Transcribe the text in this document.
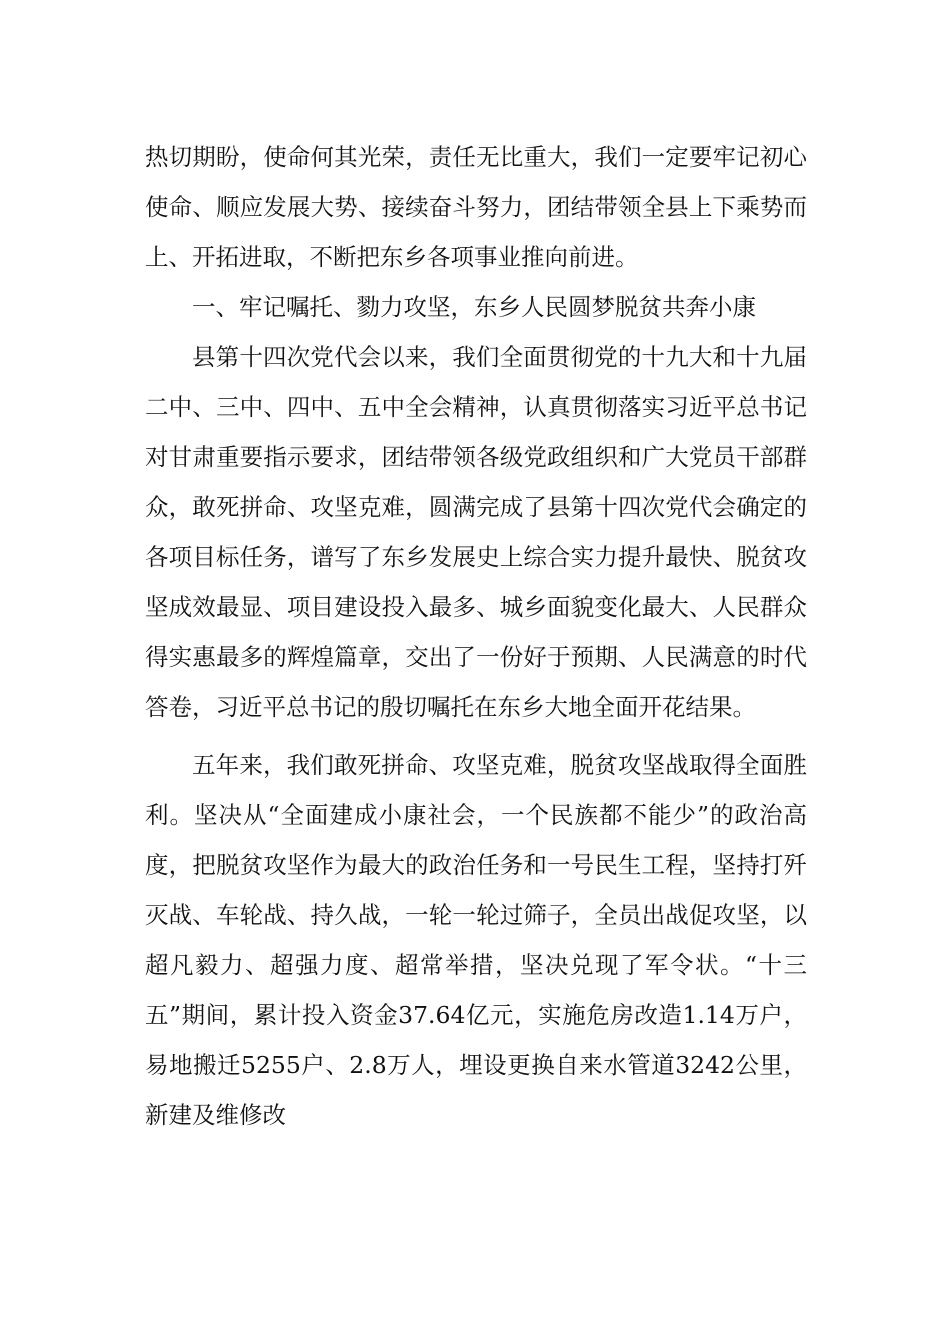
热切期盼，使命何其光荣，责任无比重大，我们一定要牢记初心使命、顺应发展大势、接续奋斗努力，团结带领全县上下乘势而上、开拓进取，不断把东乡各项事业推向前进。

一、牢记嘱托、勠力攻坚，东乡人民圆梦脱贫共奔小康

县第十四次党代会以来，我们全面贯彻党的十九大和十九届二中、三中、四中、五中全会精神，认真贯彻落实习近平总书记对甘肃重要指示要求，团结带领各级党政组织和广大党员干部群众，敢死拼命、攻坚克难，圆满完成了县第十四次党代会确定的各项目标任务，谱写了东乡发展史上综合实力提升最快、脱贫攻坚成效最显、项目建设投入最多、城乡面貌变化最大、人民群众得实惠最多的辉煌篇章，交出了一份好于预期、人民满意的时代答卷，习近平总书记的殷切嘱托在东乡大地全面开花结果。

五年来，我们敢死拼命、攻坚克难，脱贫攻坚战取得全面胜利。坚决从“全面建成小康社会，一个民族都不能少”的政治高度，把脱贫攻坚作为最大的政治任务和一号民生工程，坚持打歼灭战、车轮战、持久战，一轮一轮过筛子，全员出战促攻坚，以超凡毅力、超强力度、超常举措，坚决兑现了军令状。“十三五”期间，累计投入资金37.64亿元，实施危房改造1.14万户，易地搬迁5255户、2.8万人，埋设更换自来水管道3242公里，新建及维修改
